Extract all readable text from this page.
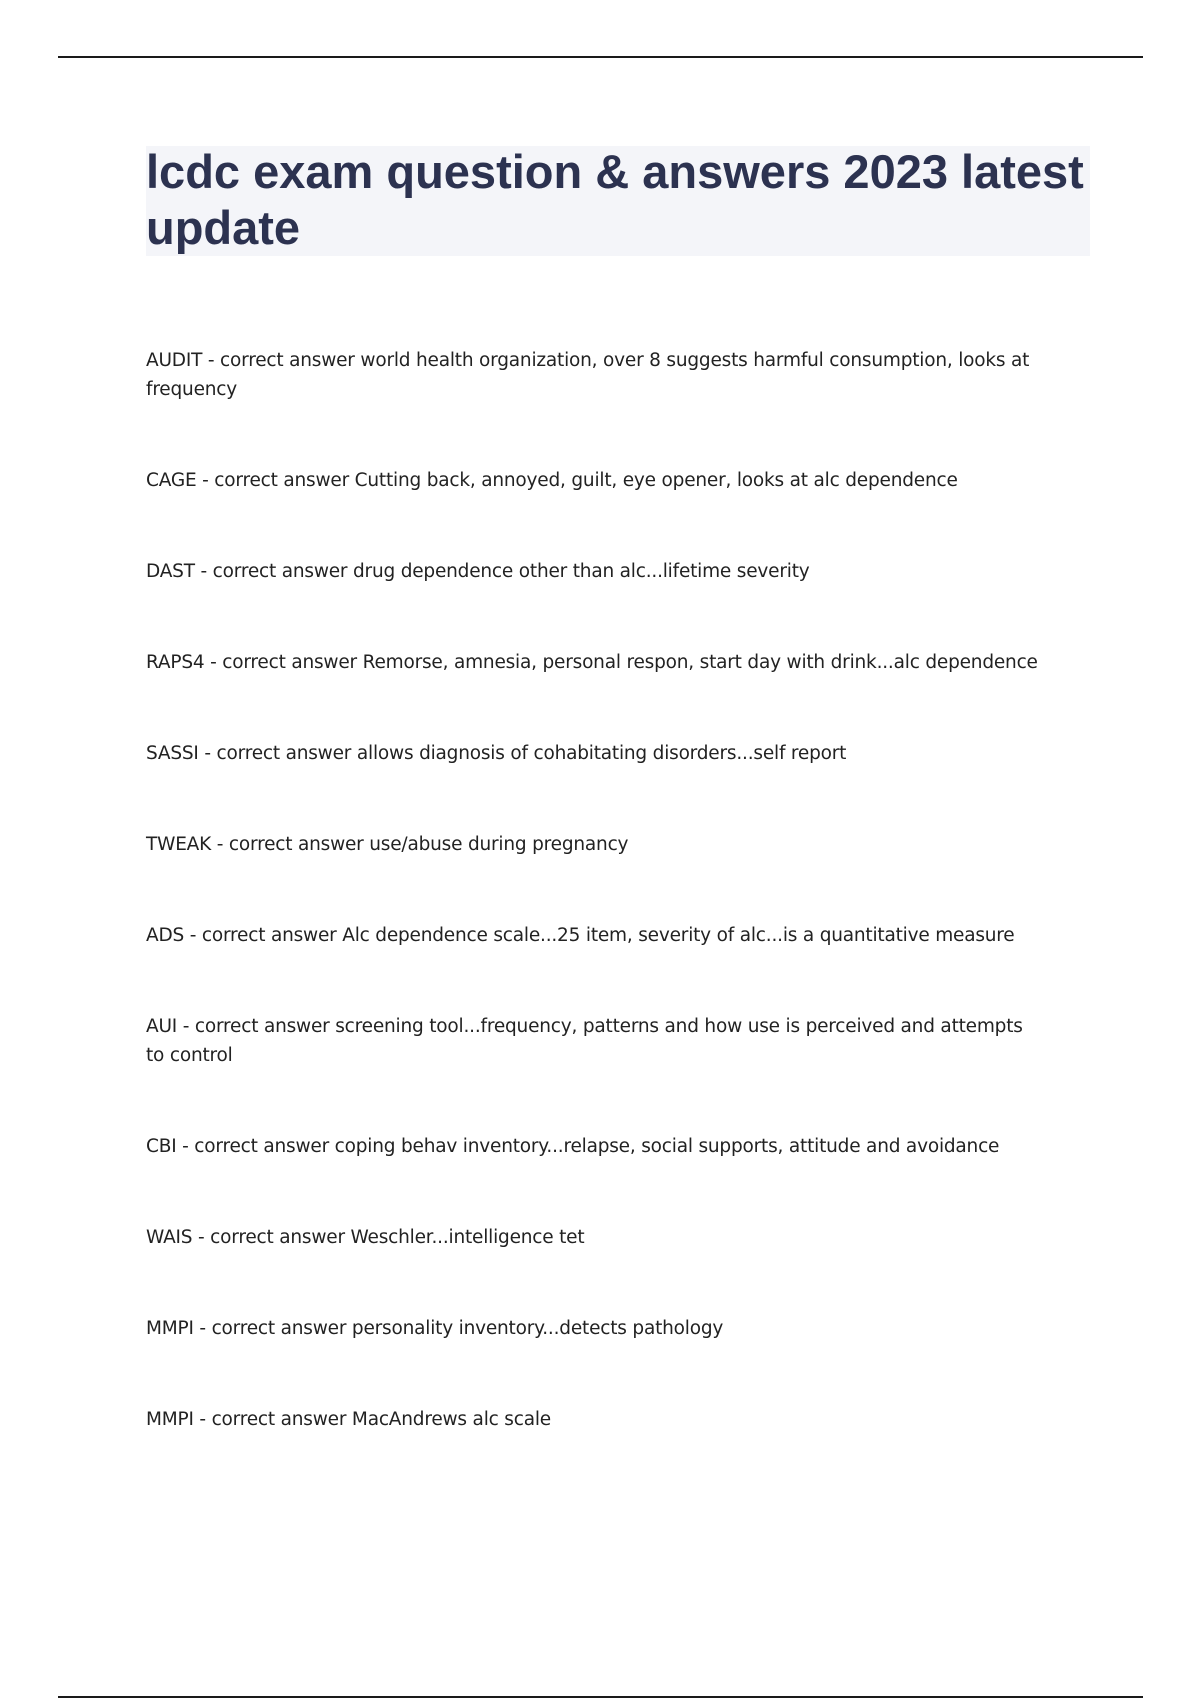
lcdc exam question & answers 2023 latest update
AUDIT - correct answer world health organization, over 8 suggests harmful consumption, looks at frequency
CAGE - correct answer Cutting back, annoyed, guilt, eye opener, looks at alc dependence
DAST - correct answer drug dependence other than alc...lifetime severity
RAPS4 - correct answer Remorse, amnesia, personal respon, start day with drink...alc dependence
SASSI - correct answer allows diagnosis of cohabitating disorders...self report
TWEAK - correct answer use/abuse during pregnancy
ADS - correct answer Alc dependence scale...25 item, severity of alc...is a quantitative measure
AUI - correct answer screening tool...frequency, patterns and how use is perceived and attempts to control
CBI - correct answer coping behav inventory...relapse, social supports, attitude and avoidance
WAIS - correct answer Weschler...intelligence tet
MMPI - correct answer personality inventory...detects pathology
MMPI - correct answer MacAndrews alc scale
